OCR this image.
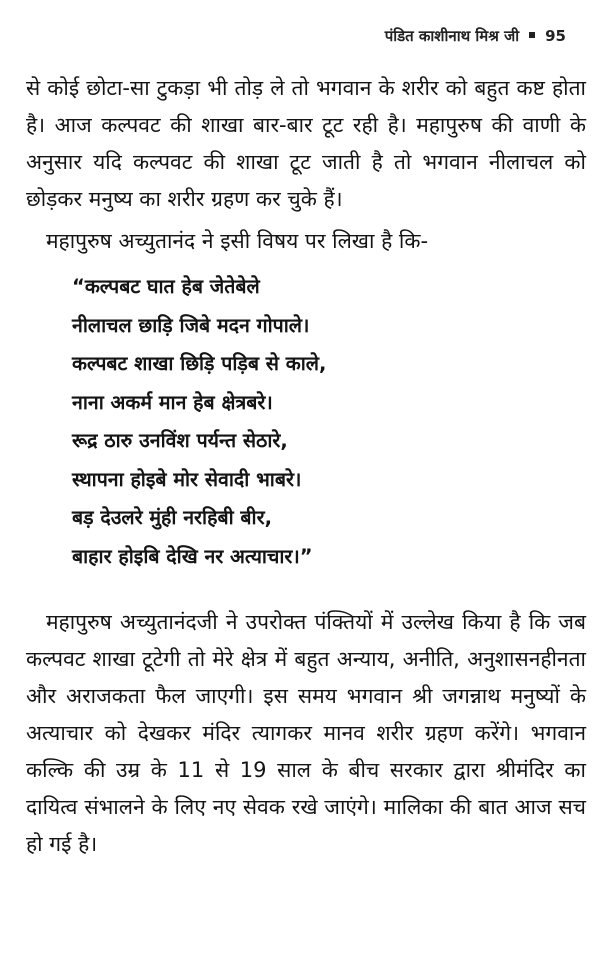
पंडित काशीनाथ मिश्र जी 95

से कोई छोटा-सा टुकड़ा भी तोड़ ले तो भगवान के शरीर को बहुत कष्ट होता है। आज कल्पवट की शाखा बार-बार टूट रही है। महापुरुष की वाणी के अनुसार यदि कल्पवट की शाखा टूट जाती है तो भगवान नीलाचल को छोड़कर मनुष्य का शरीर ग्रहण कर चुके हैं।

महापुरुष अच्युतानंद ने इसी विषय पर लिखा है कि-

“कल्पबट घात हेब जेतेबेले
नीलाचल छाड़ि जिबे मदन गोपाले।
कल्पबट शाखा छिड़ि पड़िब से काले,
नाना अकर्म मान हेब क्षेत्रबरे।
रूद्र ठारु उनविंश पर्यन्त सेठारे,
स्थापना होइबे मोर सेवादी भाबरे।
बड़ देउलरे मुंही नरहिबी बीर,
बाहार होइबि देखि नर अत्याचार।”

महापुरुष अच्युतानंदजी ने उपरोक्त पंक्तियों में उल्लेख किया है कि जब कल्पवट शाखा टूटेगी तो मेरे क्षेत्र में बहुत अन्याय, अनीति, अनुशासनहीनता और अराजकता फैल जाएगी। इस समय भगवान श्री जगन्नाथ मनुष्यों के अत्याचार को देखकर मंदिर त्यागकर मानव शरीर ग्रहण करेंगे। भगवान कल्कि की उम्र के 11 से 19 साल के बीच सरकार द्वारा श्रीमंदिर का दायित्व संभालने के लिए नए सेवक रखे जाएंगे। मालिका की बात आज सच हो गई है।
